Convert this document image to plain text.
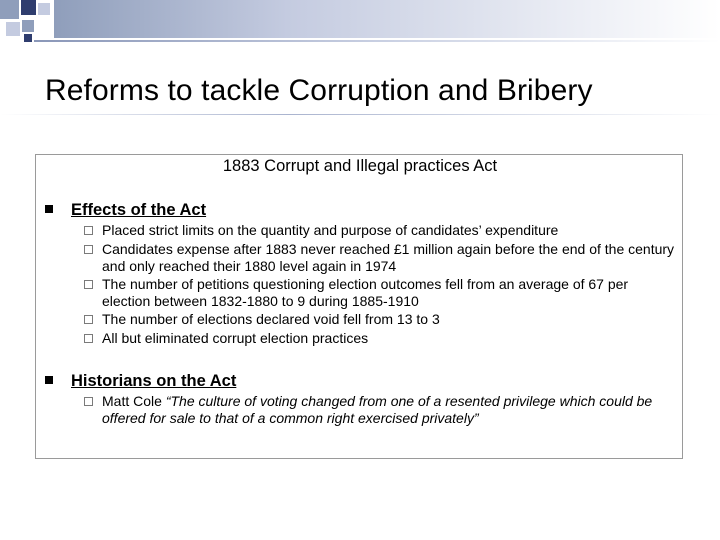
Reforms to tackle Corruption and Bribery
1883 Corrupt and Illegal practices Act
Effects of the Act
Placed strict limits on the quantity and purpose of candidates’ expenditure
Candidates expense after 1883 never reached £1 million again before the end of the century and only reached their 1880 level again in 1974
The number of petitions questioning election outcomes fell from an average of 67 per election between 1832-1880 to 9 during 1885-1910
The number of elections declared void fell from 13 to 3
All but eliminated corrupt election practices
Historians on the Act
Matt Cole “The culture of voting changed from one of a resented privilege which could be offered for sale to that of a common right exercised privately”
